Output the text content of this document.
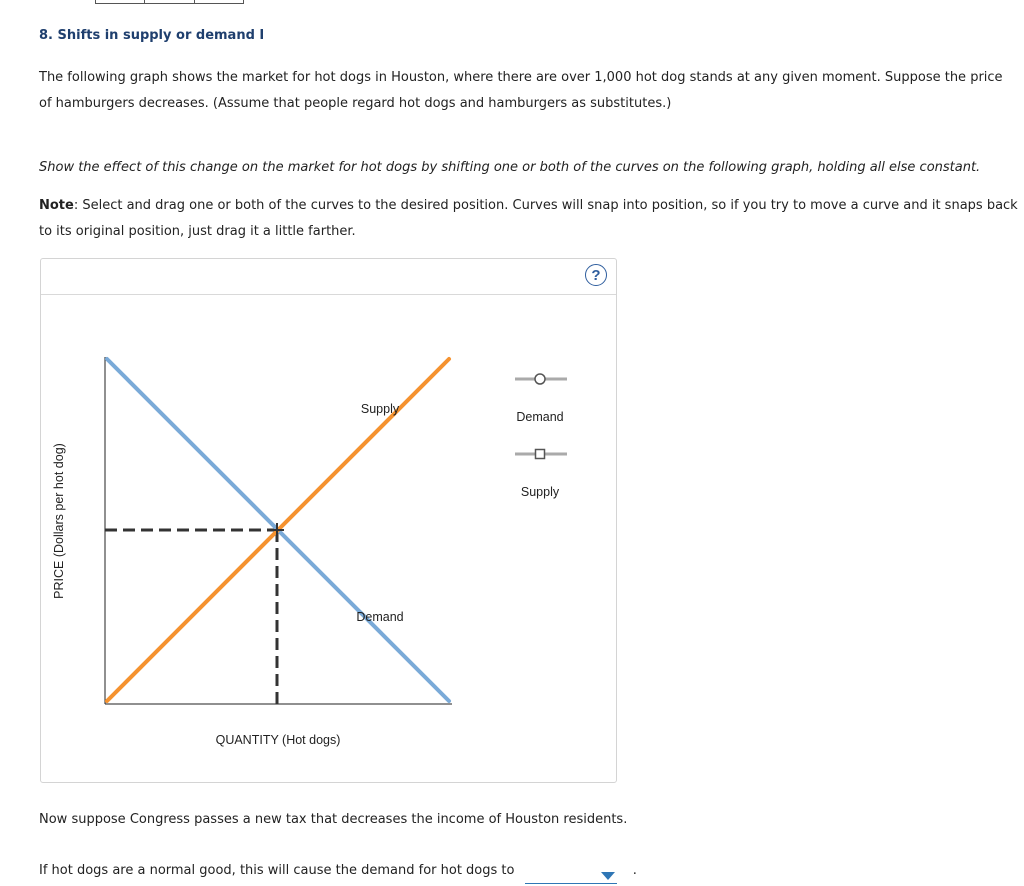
8. Shifts in supply or demand I

The following graph shows the market for hot dogs in Houston, where there are over 1,000 hot dog stands at any given moment. Suppose the price of hamburgers decreases. (Assume that people regard hot dogs and hamburgers as substitutes.)

Show the effect of this change on the market for hot dogs by shifting one or both of the curves on the following graph, holding all else constant.

Note: Select and drag one or both of the curves to the desired position. Curves will snap into position, so if you try to move a curve and it snaps back to its original position, just drag it a little farther.

?
PRICE (Dollars per hot dog)
QUANTITY (Hot dogs)
Supply
Demand
Demand
Supply

Now suppose Congress passes a new tax that decreases the income of Houston residents.

If hot dogs are a normal good, this will cause the demand for hot dogs to	.
